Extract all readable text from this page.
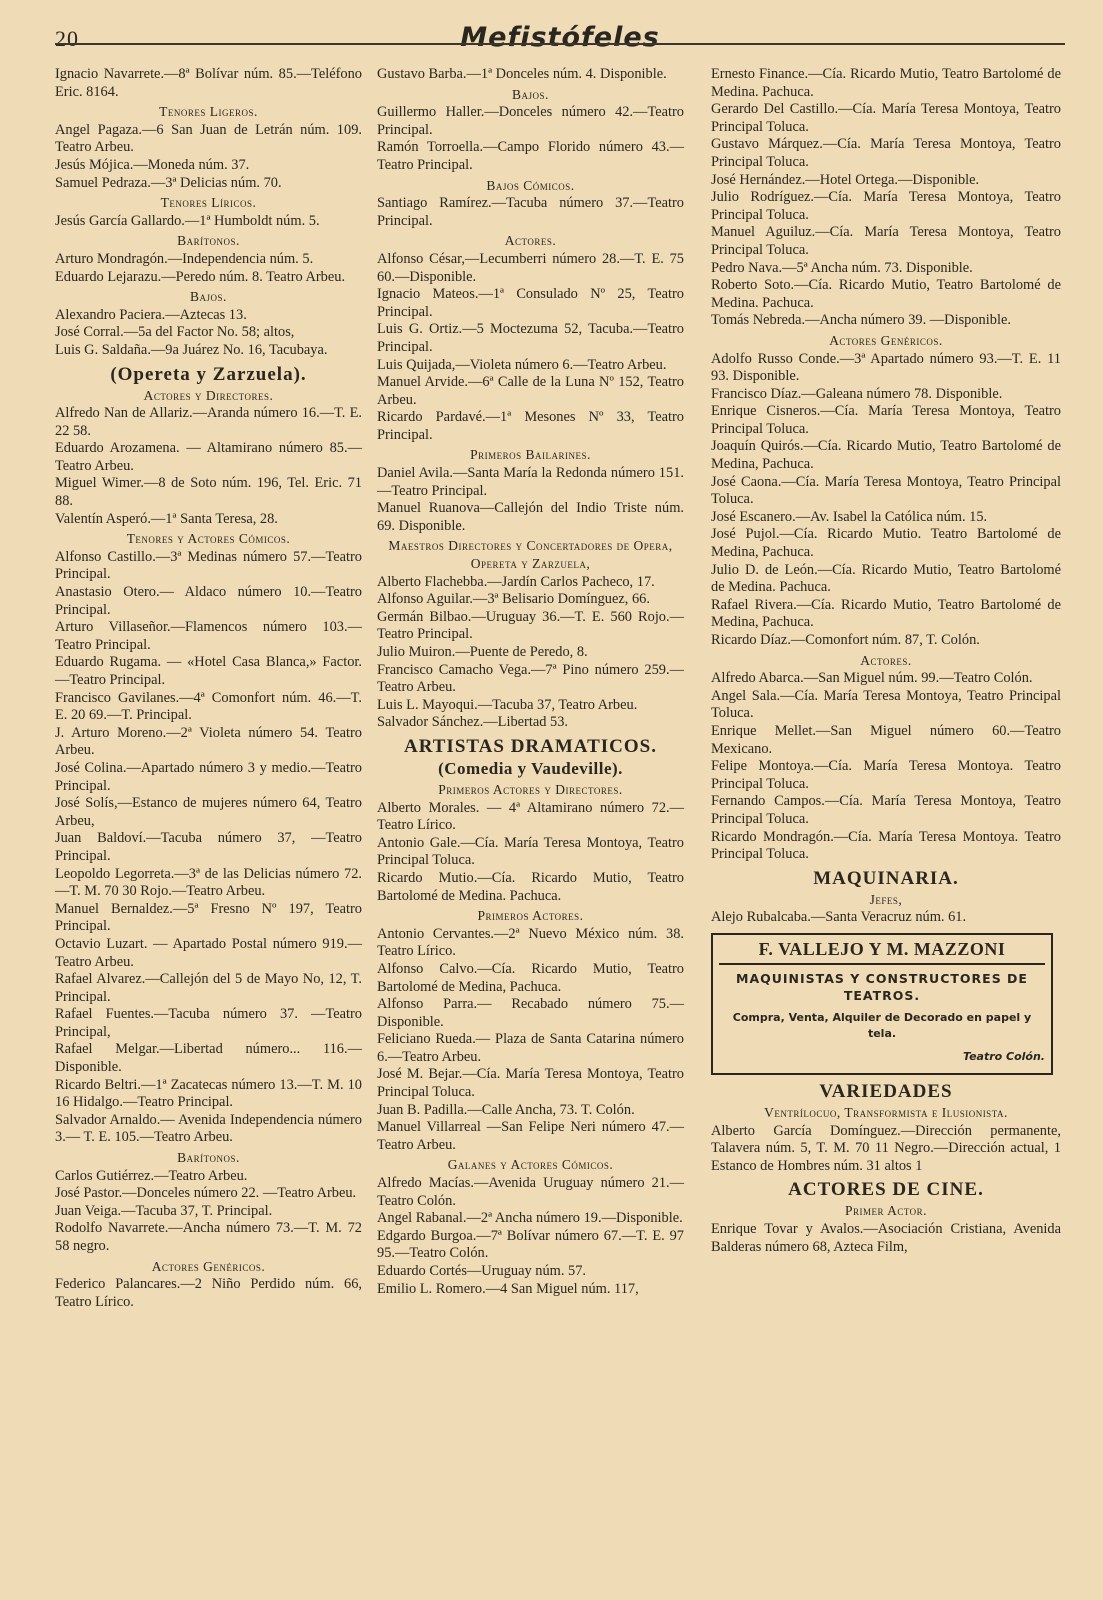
20	Mefistófeles
Ignacio Navarrete.—8ª Bolívar núm. 85.—Teléfono Eric. 8164.
Tenores Ligeros.
Angel Pagaza.—6 San Juan de Letrán núm. 109. Teatro Arbeu.
Jesús Mójica.—Moneda núm. 37.
Samuel Pedraza.—3ª Delicias núm. 70.
Tenores Líricos.
Jesús García Gallardo.—1ª Humboldt núm. 5.
Barítonos.
Arturo Mondragón.—Independencia núm. 5.
Eduardo Lejarazu.—Peredo núm. 8. Teatro Arbeu.
Bajos.
Alexandro Paciera.—Aztecas 13.
José Corral.—5a del Factor No. 58; altos,
Luis G. Saldaña.—9a Juárez No. 16, Tacubaya.
(Opereta y Zarzuela).
Actores y Directores.
Alfredo Nan de Allariz.—Aranda número 16.—T. E. 22 58.
Eduardo Arozamena. — Altamirano número 85.—Teatro Arbeu.
Miguel Wimer.—8 de Soto núm. 196, Tel. Eric. 71 88.
Valentín Asperó.—1ª Santa Teresa, 28.
Tenores y Actores Cómicos.
Alfonso Castillo.—3ª Medinas número 57.—Teatro Principal.
Anastasio Otero.— Aldaco número 10.—Teatro Principal.
Arturo Villaseñor.—Flamencos número 103.—Teatro Principal.
Eduardo Rugama. — «Hotel Casa Blanca,» Factor.—Teatro Principal.
Francisco Gavilanes.—4ª Comonfort núm. 46.—T. E. 20 69.—T. Principal.
J. Arturo Moreno.—2ª Violeta número 54. Teatro Arbeu.
José Colina.—Apartado número 3 y medio.—Teatro Principal.
José Solís,—Estanco de mujeres número 64, Teatro Arbeu,
Juan Baldoví.—Tacuba número 37, —Teatro Principal.
Leopoldo Legorreta.—3ª de las Delicias número 72.—T. M. 70 30 Rojo.—Teatro Arbeu.
Manuel Bernaldez.—5ª Fresno Nº 197, Teatro Principal.
Octavio Luzart. — Apartado Postal número 919.—Teatro Arbeu.
Rafael Alvarez.—Callejón del 5 de Mayo No, 12, T. Principal.
Rafael Fuentes.—Tacuba número 37. —Teatro Principal,
Rafael Melgar.—Libertad número... 116.—Disponible.
Ricardo Beltri.—1ª Zacatecas número 13.—T. M. 10 16 Hidalgo.—Teatro Principal.
Salvador Arnaldo.— Avenida Independencia número 3.— T. E. 105.—Teatro Arbeu.
Barítonos.
Carlos Gutiérrez.—Teatro Arbeu.
José Pastor.—Donceles número 22. —Teatro Arbeu.
Juan Veiga.—Tacuba 37, T. Principal.
Rodolfo Navarrete.—Ancha número 73.—T. M. 72 58 negro.
Actores Genéricos.
Federico Palancares.—2 Niño Perdido núm. 66, Teatro Lírico.
Gustavo Barba.—1ª Donceles núm. 4. Disponible.
Bajos.
Guillermo Haller.—Donceles número 42.—Teatro Principal.
Ramón Torroella.—Campo Florido número 43.—Teatro Principal.
Bajos Cómicos.
Santiago Ramírez.—Tacuba número 37.—Teatro Principal.
Actores.
Alfonso César,—Lecumberri número 28.—T. E. 75 60.—Disponible.
Ignacio Mateos.—1ª Consulado Nº 25, Teatro Principal.
Luis G. Ortiz.—5 Moctezuma 52, Tacuba.—Teatro Principal.
Luis Quijada,—Violeta número 6.—Teatro Arbeu.
Manuel Arvide.—6ª Calle de la Luna Nº 152, Teatro Arbeu.
Ricardo Pardavé.—1ª Mesones Nº 33, Teatro Principal.
Primeros Bailarines.
Daniel Avila.—Santa María la Redonda número 151.—Teatro Principal.
Manuel Ruanova—Callejón del Indio Triste núm. 69. Disponible.
Maestros Directores y Concertadores de Opera, Opereta y Zarzuela,
Alberto Flachebba.—Jardín Carlos Pacheco, 17.
Alfonso Aguilar.—3ª Belisario Domínguez, 66.
Germán Bilbao.—Uruguay 36.—T. E. 560 Rojo.—Teatro Principal.
Julio Muiron.—Puente de Peredo, 8.
Francisco Camacho Vega.—7ª Pino número 259.—Teatro Arbeu.
Luis L. Mayoqui.—Tacuba 37, Teatro Arbeu.
Salvador Sánchez.—Libertad 53.
ARTISTAS DRAMATICOS.
(Comedia y Vaudeville).
Primeros Actores y Directores.
Alberto Morales. — 4ª Altamirano número 72.—Teatro Lírico.
Antonio Gale.—Cía. María Teresa Montoya, Teatro Principal Toluca.
Ricardo Mutio.—Cía. Ricardo Mutio, Teatro Bartolomé de Medina. Pachuca.
Primeros Actores.
Antonio Cervantes.—2ª Nuevo México núm. 38. Teatro Lírico.
Alfonso Calvo.—Cía. Ricardo Mutio, Teatro Bartolomé de Medina, Pachuca.
Alfonso Parra.— Recabado número 75.—Disponible.
Feliciano Rueda.— Plaza de Santa Catarina número 6.—Teatro Arbeu.
José M. Bejar.—Cía. María Teresa Montoya, Teatro Principal Toluca.
Juan B. Padilla.—Calle Ancha, 73. T. Colón.
Manuel Villarreal —San Felipe Neri número 47.—Teatro Arbeu.
Galanes y Actores Cómicos.
Alfredo Macías.—Avenida Uruguay número 21.—Teatro Colón.
Angel Rabanal.—2ª Ancha número 19.—Disponible.
Edgardo Burgoa.—7ª Bolívar número 67.—T. E. 97 95.—Teatro Colón.
Eduardo Cortés—Uruguay núm. 57.
Emilio L. Romero.—4 San Miguel núm. 117,
Ernesto Finance.—Cía. Ricardo Mutio, Teatro Bartolomé de Medina. Pachuca.
Gerardo Del Castillo.—Cía. María Teresa Montoya, Teatro Principal Toluca.
Gustavo Márquez.—Cía. María Teresa Montoya, Teatro Principal Toluca.
José Hernández.—Hotel Ortega.—Disponible.
Julio Rodríguez.—Cía. María Teresa Montoya, Teatro Principal Toluca.
Manuel Aguiluz.—Cía. María Teresa Montoya, Teatro Principal Toluca.
Pedro Nava.—5ª Ancha núm. 73. Disponible.
Roberto Soto.—Cía. Ricardo Mutio, Teatro Bartolomé de Medina. Pachuca.
Tomás Nebreda.—Ancha número 39. —Disponible.
Actores Genéricos.
Adolfo Russo Conde.—3ª Apartado número 93.—T. E. 11 93. Disponible.
Francisco Díaz.—Galeana número 78. Disponible.
Enrique Cisneros.—Cía. María Teresa Montoya, Teatro Principal Toluca.
Joaquín Quirós.—Cía. Ricardo Mutio, Teatro Bartolomé de Medina, Pachuca.
José Caona.—Cía. María Teresa Montoya, Teatro Principal Toluca.
José Escanero.—Av. Isabel la Católica núm. 15.
José Pujol.—Cía. Ricardo Mutio. Teatro Bartolomé de Medina, Pachuca.
Julio D. de León.—Cía. Ricardo Mutio, Teatro Bartolomé de Medina. Pachuca.
Rafael Rivera.—Cía. Ricardo Mutio, Teatro Bartolomé de Medina, Pachuca.
Ricardo Díaz.—Comonfort núm. 87, T. Colón.
Actores.
Alfredo Abarca.—San Miguel núm. 99.—Teatro Colón.
Angel Sala.—Cía. María Teresa Montoya, Teatro Principal Toluca.
Enrique Mellet.—San Miguel número 60.—Teatro Mexicano.
Felipe Montoya.—Cía. María Teresa Montoya. Teatro Principal Toluca.
Fernando Campos.—Cía. María Teresa Montoya, Teatro Principal Toluca.
Ricardo Mondragón.—Cía. María Teresa Montoya. Teatro Principal Toluca.
MAQUINARIA.
Jefes,
Alejo Rubalcaba.—Santa Veracruz núm. 61.
F. VALLEJO Y M. MAZZONI
MAQUINISTAS Y CONSTRUCTORES DE TEATROS.
Compra, Venta, Alquiler de Decorado en papel y tela.
Teatro Colón.
VARIEDADES
Ventrílocuo, Transformista e Ilusionista.
Alberto García Domínguez.—Dirección permanente, Talavera núm. 5, T. M. 70 11 Negro.—Dirección actual, 1 Estanco de Hombres núm. 31 altos 1
ACTORES DE CINE.
Primer Actor.
Enrique Tovar y Avalos.—Asociación Cristiana, Avenida Balderas número 68, Azteca Film,
